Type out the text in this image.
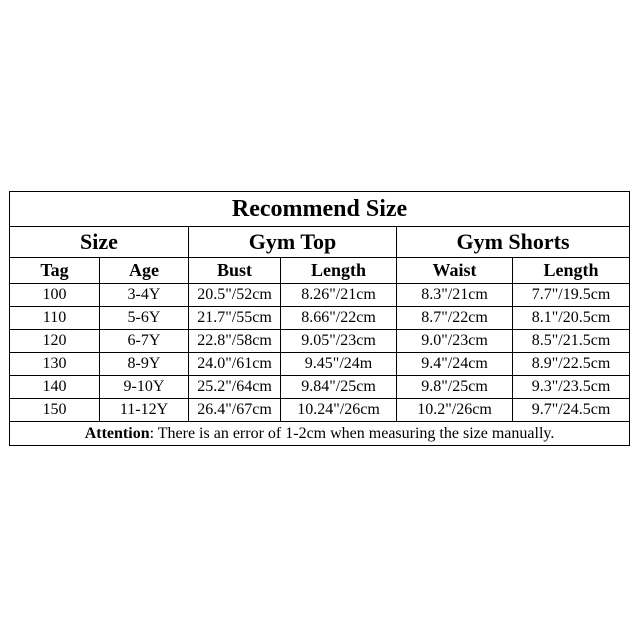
Recommend Size					
Size		Gym Top		Gym Shorts	
Tag	Age	Bust	Length	Waist	Length
100	3-4Y	20.5"/52cm	8.26"/21cm	8.3"/21cm	7.7"/19.5cm
110	5-6Y	21.7"/55cm	8.66"/22cm	8.7"/22cm	8.1"/20.5cm
120	6-7Y	22.8"/58cm	9.05"/23cm	9.0"/23cm	8.5"/21.5cm
130	8-9Y	24.0"/61cm	9.45"/24m	9.4"/24cm	8.9"/22.5cm
140	9-10Y	25.2"/64cm	9.84"/25cm	9.8"/25cm	9.3"/23.5cm
150	11-12Y	26.4"/67cm	10.24"/26cm	10.2"/26cm	9.7"/24.5cm
Attention: There is an error of 1-2cm when measuring the size manually.					
